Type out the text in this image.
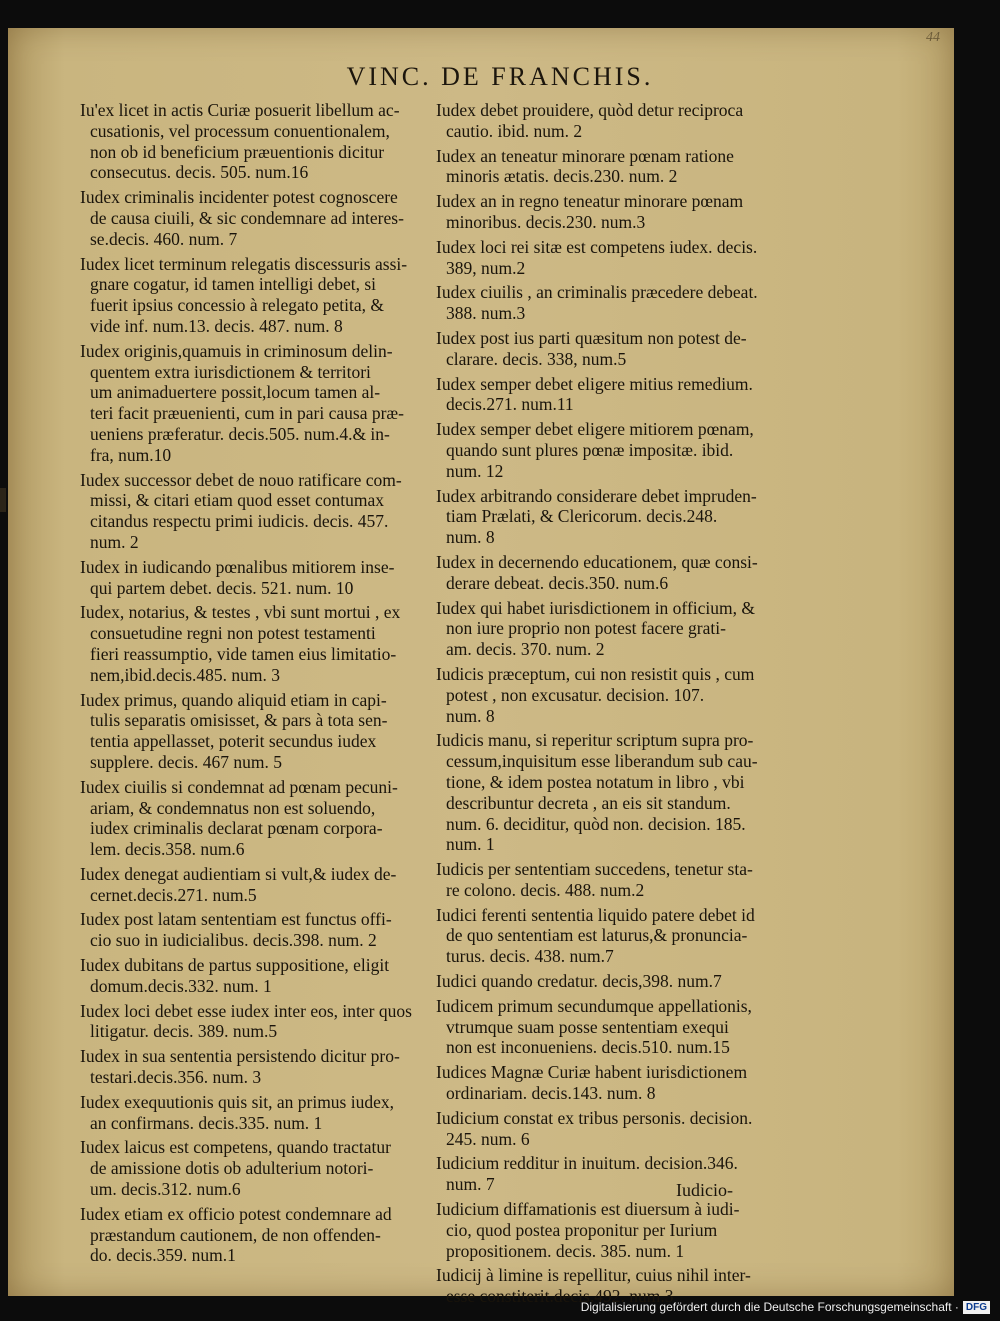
44
VINC. DE FRANCHIS.
Iu'ex licet in actis Curiæ posuerit libellum ac-
cusationis, vel processum conuentionalem,
non ob id beneficium præuentionis dicitur
consecutus. decis. 505. num.16
Iudex criminalis incidenter potest cognoscere
de causa ciuili, & sic condemnare ad interes-
se.decis. 460. num. 7
Iudex licet terminum relegatis discessuris assi-
gnare cogatur, id tamen intelligi debet, si
fuerit ipsius concessio à relegato petita, &
vide inf. num.13. decis. 487. num. 8
Iudex originis,quamuis in criminosum delin-
quentem extra iurisdictionem & territori
um animaduertere possit,locum tamen al-
teri facit præuenienti, cum in pari causa præ-
ueniens præferatur. decis.505. num.4.& in-
fra, num.10
Iudex successor debet de nouo ratificare com-
missi, & citari etiam quod esset contumax
citandus respectu primi iudicis. decis. 457.
num. 2
Iudex in iudicando pœnalibus mitiorem inse-
qui partem debet. decis. 521. num. 10
Iudex, notarius, & testes , vbi sunt mortui , ex
consuetudine regni non potest testamenti
fieri reassumptio, vide tamen eius limitatio-
nem,ibid.decis.485. num. 3
Iudex primus, quando aliquid etiam in capi-
tulis separatis omisisset, & pars à tota sen-
tentia appellasset, poterit secundus iudex
supplere. decis. 467 num. 5
Iudex ciuilis si condemnat ad pœnam pecuni-
ariam, & condemnatus non est soluendo,
iudex criminalis declarat pœnam corpora-
lem. decis.358. num.6
Iudex denegat audientiam si vult,& iudex de-
cernet.decis.271. num.5
Iudex post latam sententiam est functus offi-
cio suo in iudicialibus. decis.398. num. 2
Iudex dubitans de partus suppositione, eligit
domum.decis.332. num. 1
Iudex loci debet esse iudex inter eos, inter quos
litigatur. decis. 389. num.5
Iudex in sua sententia persistendo dicitur pro-
testari.decis.356. num. 3
Iudex exequutionis quis sit, an primus iudex,
an confirmans. decis.335. num. 1
Iudex laicus est competens, quando tractatur
de amissione dotis ob adulterium notori-
um. decis.312. num.6
Iudex etiam ex officio potest condemnare ad
præstandum cautionem, de non offenden-
do. decis.359. num.1
Iudex debet prouidere, quòd detur reciproca
cautio. ibid. num. 2
Iudex an teneatur minorare pœnam ratione
minoris ætatis. decis.230. num. 2
Iudex an in regno teneatur minorare pœnam
minoribus. decis.230. num.3
Iudex loci rei sitæ est competens iudex. decis.
389, num.2
Iudex ciuilis , an criminalis præcedere debeat.
388. num.3
Iudex post ius parti quæsitum non potest de-
clarare. decis. 338, num.5
Iudex semper debet eligere mitius remedium.
decis.271. num.11
Iudex semper debet eligere mitiorem pœnam,
quando sunt plures pœnæ impositæ. ibid.
num. 12
Iudex arbitrando considerare debet impruden-
tiam Prælati, & Clericorum. decis.248.
num. 8
Iudex in decernendo educationem, quæ consi-
derare debeat. decis.350. num.6
Iudex qui habet iurisdictionem in officium, &
non iure proprio non potest facere grati-
am. decis. 370. num. 2
Iudicis præceptum, cui non resistit quis , cum
potest , non excusatur. decision. 107.
num. 8
Iudicis manu, si reperitur scriptum supra pro-
cessum,inquisitum esse liberandum sub cau-
tione, & idem postea notatum in libro , vbi
describuntur decreta , an eis sit standum.
num. 6. deciditur, quòd non. decision. 185.
num. 1
Iudicis per sententiam succedens, tenetur sta-
re colono. decis. 488. num.2
Iudici ferenti sententia liquido patere debet id
de quo sententiam est laturus,& pronuncia-
turus. decis. 438. num.7
Iudici quando credatur. decis,398. num.7
Iudicem primum secundumque appellationis,
vtrumque suam posse sententiam exequi
non est inconueniens. decis.510. num.15
Iudices Magnæ Curiæ habent iurisdictionem
ordinariam. decis.143. num. 8
Iudicium constat ex tribus personis. decision.
245. num. 6
Iudicium redditur in inuitum. decision.346.
num. 7
Iudicium diffamationis est diuersum à iudi-
cio, quod postea proponitur per Iurium
propositionem. decis. 385. num. 1
Iudicij à limine is repellitur, cuius nihil inter-
esse constiterit.decis.492. num.3
Iudicio-
Digitalisierung gefördert durch die Deutsche Forschungsgemeinschaft · DFG
